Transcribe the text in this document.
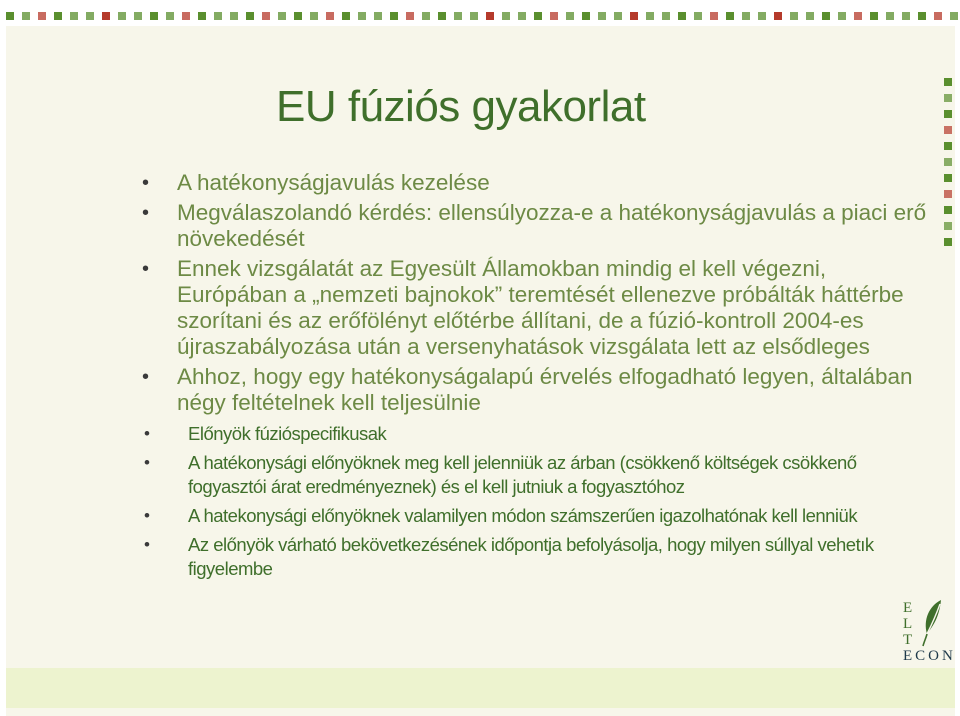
EU fúziós gyakorlat
• A hatékonyságjavulás kezelése
• Megválaszolandó kérdés: ellensúlyozza-e a hatékonyságjavulás a piaci erő növekedését
• Ennek vizsgálatát az Egyesült Államokban mindig el kell végezni, Európában a „nemzeti bajnokok” teremtését ellenezve próbálták háttérbe szorítani és az erőfölényt előtérbe állítani, de a fúzió-kontroll 2004-es újraszabályozása után a versenyhatások vizsgálata lett az elsődleges
• Ahhoz, hogy egy hatékonyságalapú érvelés elfogadható legyen, általában négy feltételnek kell teljesülnie
• Előnyök fúzióspecifikusak
• A hatékonysági előnyöknek meg kell jelenniük az árban (csökkenő költségek csökkenő fogyasztói árat eredményeznek) és el kell jutniuk a fogyasztóhoz
• A hatekonysági előnyöknek valamilyen módon számszerűen igazolhatónak kell lenniük
• Az előnyök várható bekövetkezésének időpontja befolyásolja, hogy milyen súllyal vehetık figyelembe
E
L
T
ECON
